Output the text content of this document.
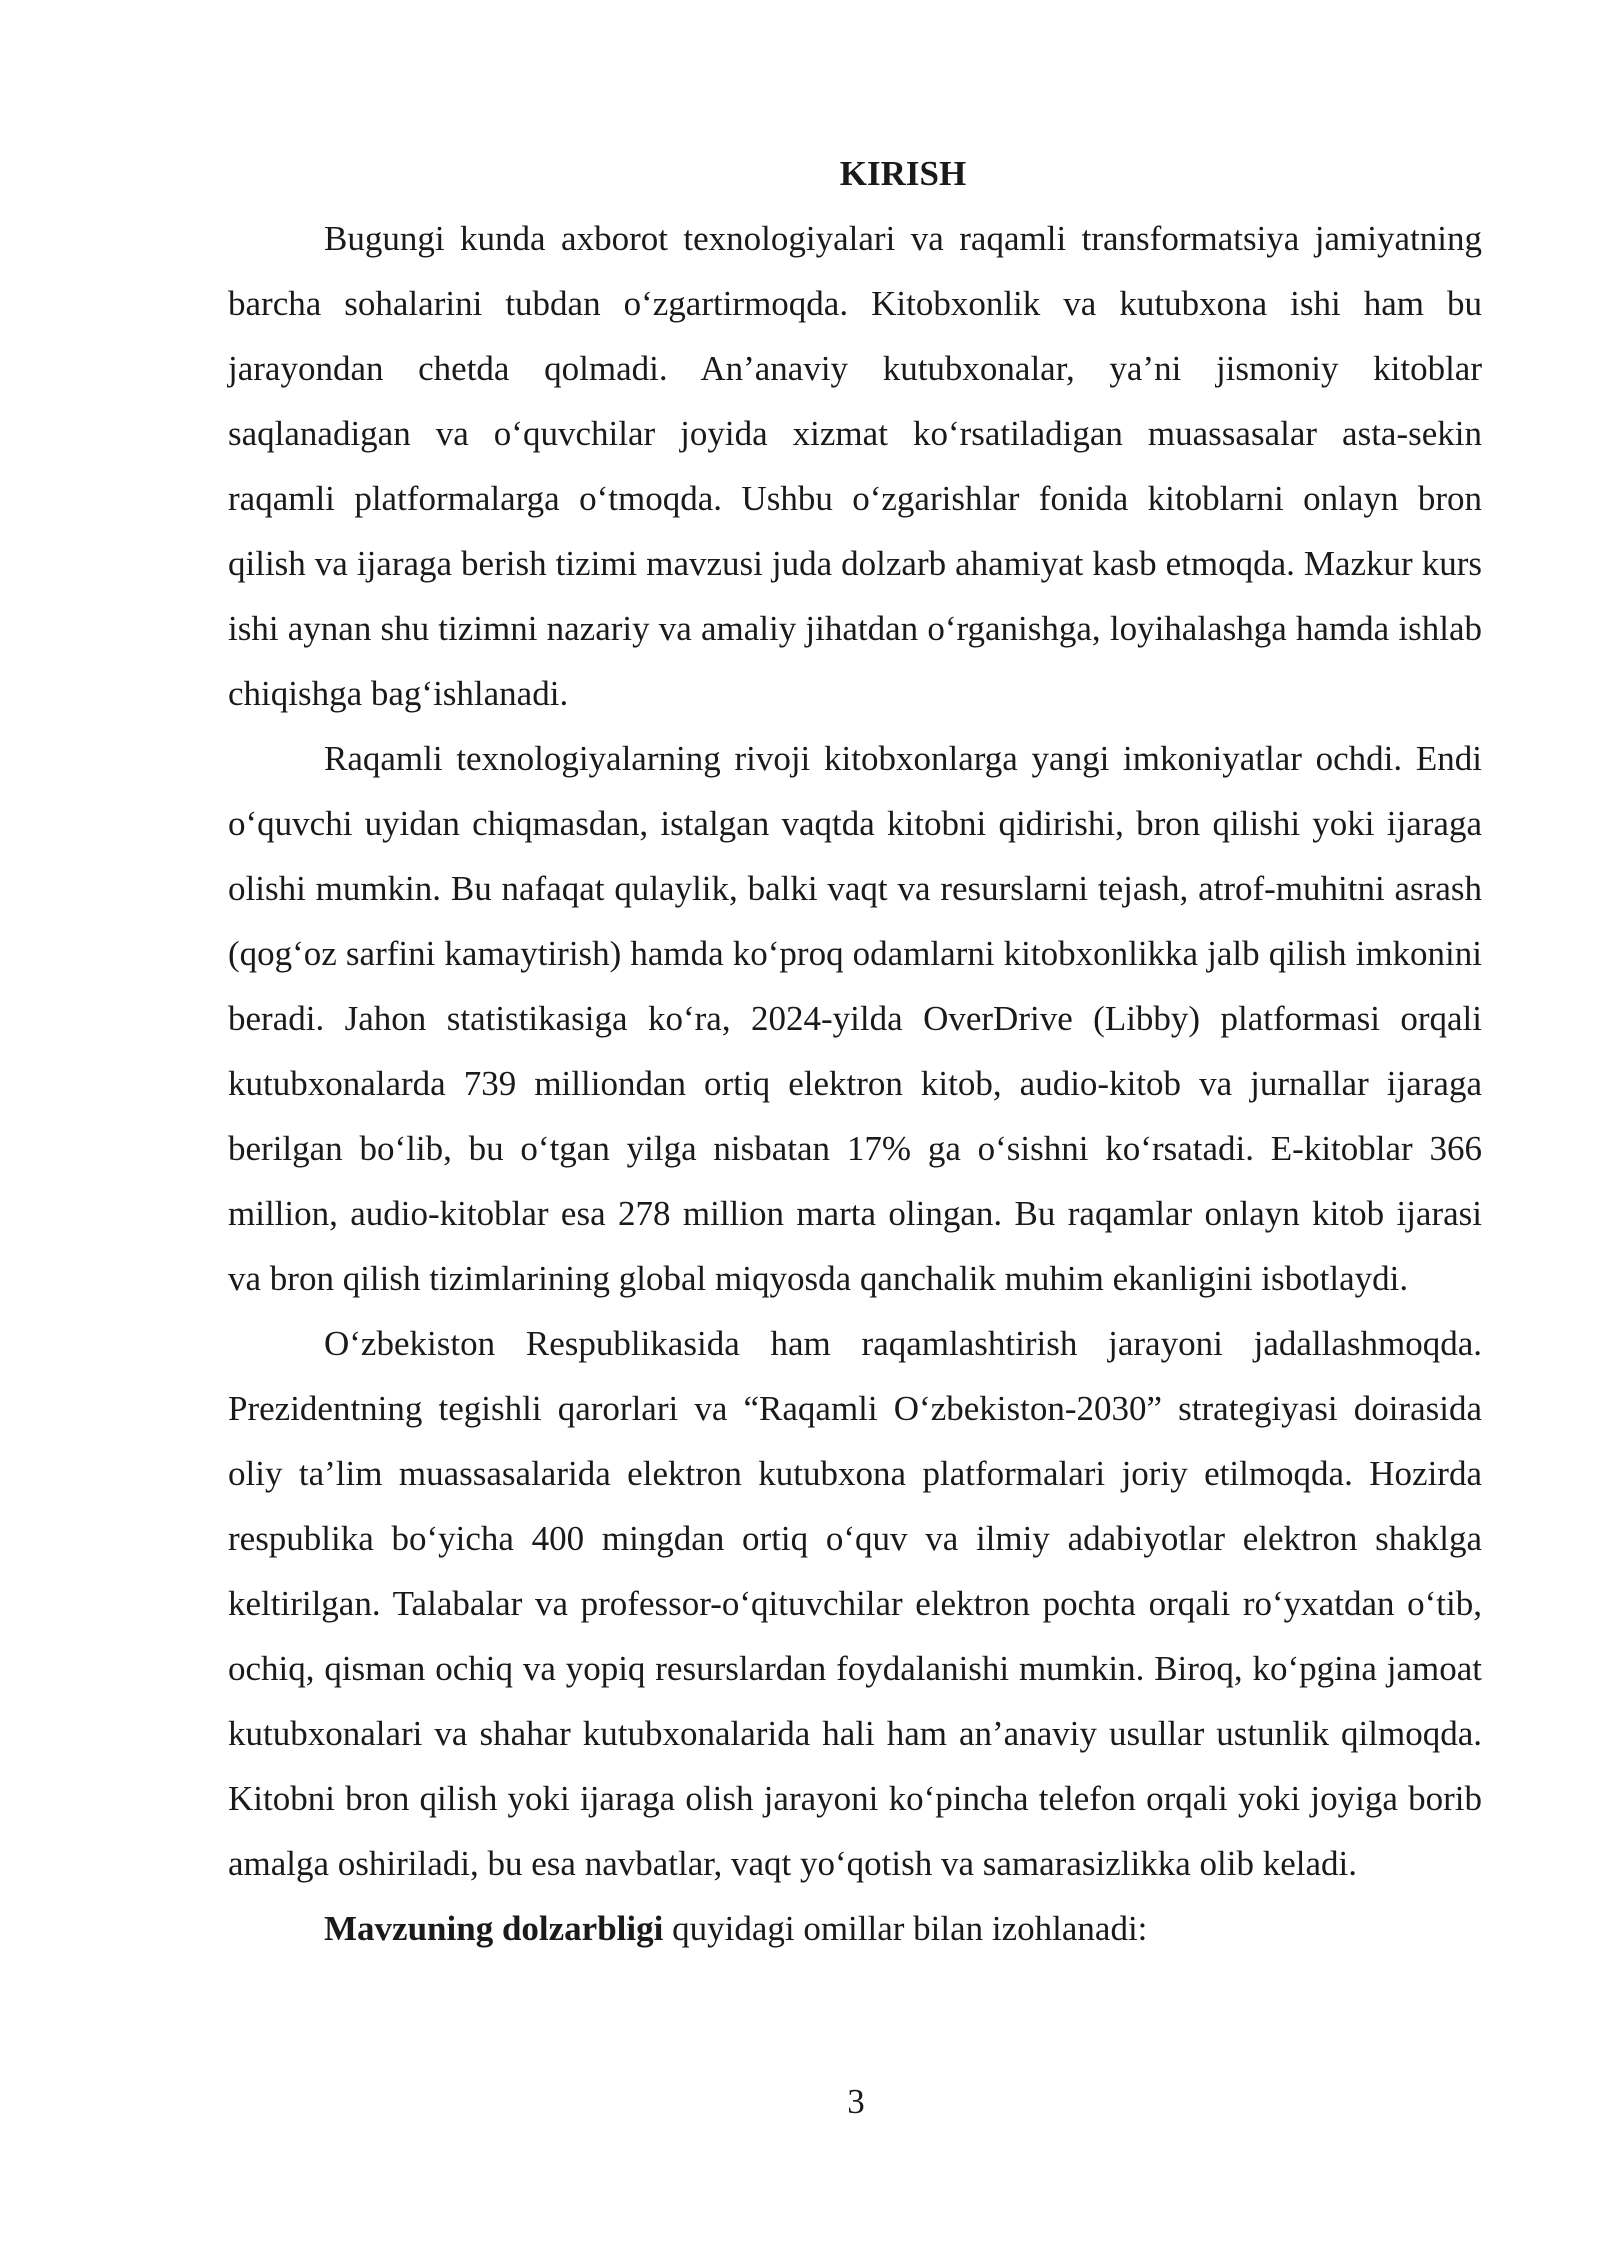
KIRISH

Bugungi kunda axborot texnologiyalari va raqamli transformatsiya jamiyatning barcha sohalarini tubdan o‘zgartirmoqda. Kitobxonlik va kutubxona ishi ham bu jarayondan chetda qolmadi. An’anaviy kutubxonalar, ya’ni jismoniy kitoblar saqlanadigan va o‘quvchilar joyida xizmat ko‘rsatiladigan muassasalar asta-sekin raqamli platformalarga o‘tmoqda. Ushbu o‘zgarishlar fonida kitoblarni onlayn bron qilish va ijaraga berish tizimi mavzusi juda dolzarb ahamiyat kasb etmoqda. Mazkur kurs ishi aynan shu tizimni nazariy va amaliy jihatdan o‘rganishga, loyihalashga hamda ishlab chiqishga bag‘ishlanadi.

Raqamli texnologiyalarning rivoji kitobxonlarga yangi imkoniyatlar ochdi. Endi o‘quvchi uyidan chiqmasdan, istalgan vaqtda kitobni qidirishi, bron qilishi yoki ijaraga olishi mumkin. Bu nafaqat qulaylik, balki vaqt va resurslarni tejash, atrof-muhitni asrash (qog‘oz sarfini kamaytirish) hamda ko‘proq odamlarni kitobxonlikka jalb qilish imkonini beradi. Jahon statistikasiga ko‘ra, 2024-yilda OverDrive (Libby) platformasi orqali kutubxonalarda 739 milliondan ortiq elektron kitob, audio-kitob va jurnallar ijaraga berilgan bo‘lib, bu o‘tgan yilga nisbatan 17% ga o‘sishni ko‘rsatadi. E-kitoblar 366 million, audio-kitoblar esa 278 million marta olingan. Bu raqamlar onlayn kitob ijarasi va bron qilish tizimlarining global miqyosda qanchalik muhim ekanligini isbotlaydi.

O‘zbekiston Respublikasida ham raqamlashtirish jarayoni jadallashmoqda. Prezidentning tegishli qarorlari va “Raqamli O‘zbekiston-2030” strategiyasi doirasida oliy ta’lim muassasalarida elektron kutubxona platformalari joriy etilmoqda. Hozirda respublika bo‘yicha 400 mingdan ortiq o‘quv va ilmiy adabiyotlar elektron shaklga keltirilgan. Talabalar va professor-o‘qituvchilar elektron pochta orqali ro‘yxatdan o‘tib, ochiq, qisman ochiq va yopiq resurslardan foydalanishi mumkin. Biroq, ko‘pgina jamoat kutubxonalari va shahar kutubxonalarida hali ham an’anaviy usullar ustunlik qilmoqda. Kitobni bron qilish yoki ijaraga olish jarayoni ko‘pincha telefon orqali yoki joyiga borib amalga oshiriladi, bu esa navbatlar, vaqt yo‘qotish va samarasizlikka olib keladi.

Mavzuning dolzarbligi quyidagi omillar bilan izohlanadi:

3
